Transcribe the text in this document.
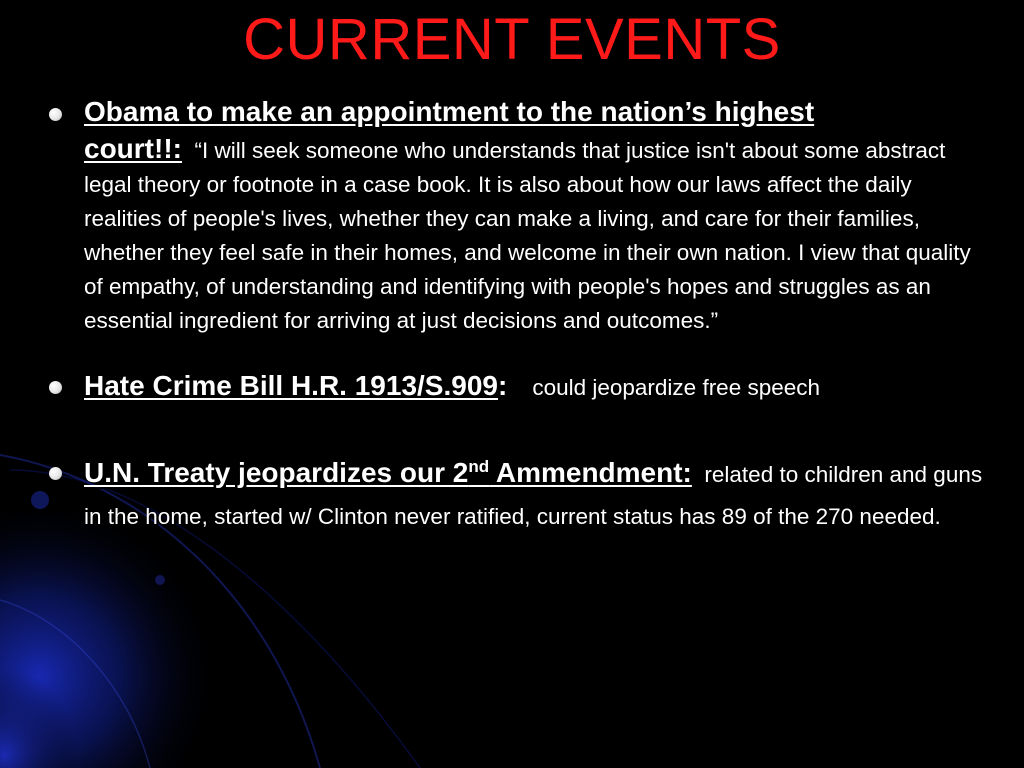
CURRENT EVENTS
Obama to make an appointment to the nation’s highest
court!!: “I will seek someone who understands that justice isn't about some abstract legal theory or footnote in a case book. It is also about how our laws affect the daily realities of people's lives, whether they can make a living, and care for their families, whether they feel safe in their homes, and welcome in their own nation. I view that quality of empathy, of understanding and identifying with people's hopes and struggles as an essential ingredient for arriving at just decisions and outcomes.”
Hate Crime Bill H.R. 1913/S.909: could jeopardize free speech
U.N. Treaty jeopardizes our 2nd Ammendment: related to children and guns in the home, started w/ Clinton never ratified, current status has 89 of the 270 needed.
